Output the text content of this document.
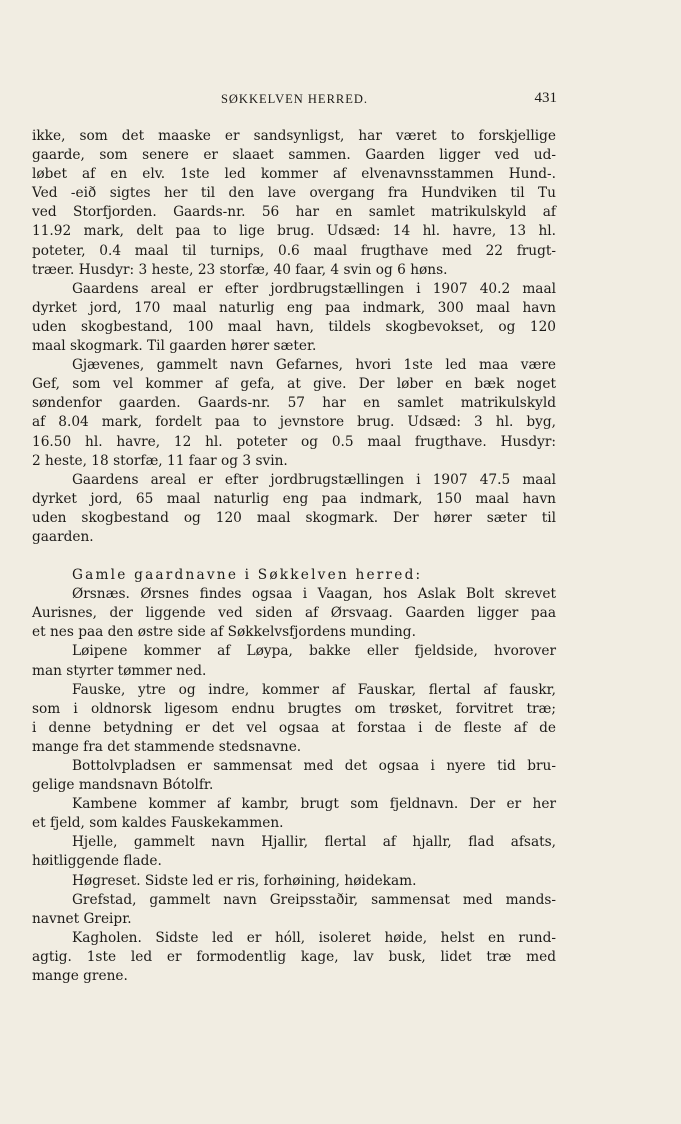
SØKKELVEN HERRED.	431
ikke, som det maaske er sandsynligst, har været to forskjellige
gaarde, som senere er slaaet sammen. Gaarden ligger ved ud-
løbet af en elv. 1ste led kommer af elvenavnsstammen Hund-.
Ved -eið sigtes her til den lave overgang fra Hundviken til Tu
ved Storfjorden. Gaards-nr. 56 har en samlet matrikulskyld af
11.92 mark, delt paa to lige brug. Udsæd: 14 hl. havre, 13 hl.
poteter, 0.4 maal til turnips, 0.6 maal frugthave med 22 frugt-
træer. Husdyr: 3 heste, 23 storfæ, 40 faar, 4 svin og 6 høns.
Gaardens areal er efter jordbrugstællingen i 1907 40.2 maal
dyrket jord, 170 maal naturlig eng paa indmark, 300 maal havn
uden skogbestand, 100 maal havn, tildels skogbevokset, og 120
maal skogmark. Til gaarden hører sæter.
Gjævenes, gammelt navn Gefarnes, hvori 1ste led maa være
Gef, som vel kommer af gefa, at give. Der løber en bæk noget
søndenfor gaarden. Gaards-nr. 57 har en samlet matrikulskyld
af 8.04 mark, fordelt paa to jevnstore brug. Udsæd: 3 hl. byg,
16.50 hl. havre, 12 hl. poteter og 0.5 maal frugthave. Husdyr:
2 heste, 18 storfæ, 11 faar og 3 svin.
Gaardens areal er efter jordbrugstællingen i 1907 47.5 maal
dyrket jord, 65 maal naturlig eng paa indmark, 150 maal havn
uden skogbestand og 120 maal skogmark. Der hører sæter til
gaarden.
Gamle gaardnavne i Søkkelven herred:
Ørsnæs. Ørsnes findes ogsaa i Vaagan, hos Aslak Bolt skrevet
Aurisnes, der liggende ved siden af Ørsvaag. Gaarden ligger paa
et nes paa den østre side af Søkkelvsfjordens munding.
Løipene kommer af Løypa, bakke eller fjeldside, hvorover
man styrter tømmer ned.
Fauske, ytre og indre, kommer af Fauskar, flertal af fauskr,
som i oldnorsk ligesom endnu brugtes om trøsket, forvitret træ;
i denne betydning er det vel ogsaa at forstaa i de fleste af de
mange fra det stammende stedsnavne.
Bottolvpladsen er sammensat med det ogsaa i nyere tid bru-
gelige mandsnavn Bótolfr.
Kambene kommer af kambr, brugt som fjeldnavn. Der er her
et fjeld, som kaldes Fauskekammen.
Hjelle, gammelt navn Hjallir, flertal af hjallr, flad afsats,
høitliggende flade.
Høgreset. Sidste led er ris, forhøining, høidekam.
Grefstad, gammelt navn Greipsstaðir, sammensat med mands-
navnet Greipr.
Kagholen. Sidste led er hóll, isoleret høide, helst en rund-
agtig. 1ste led er formodentlig kage, lav busk, lidet træ med
mange grene.
